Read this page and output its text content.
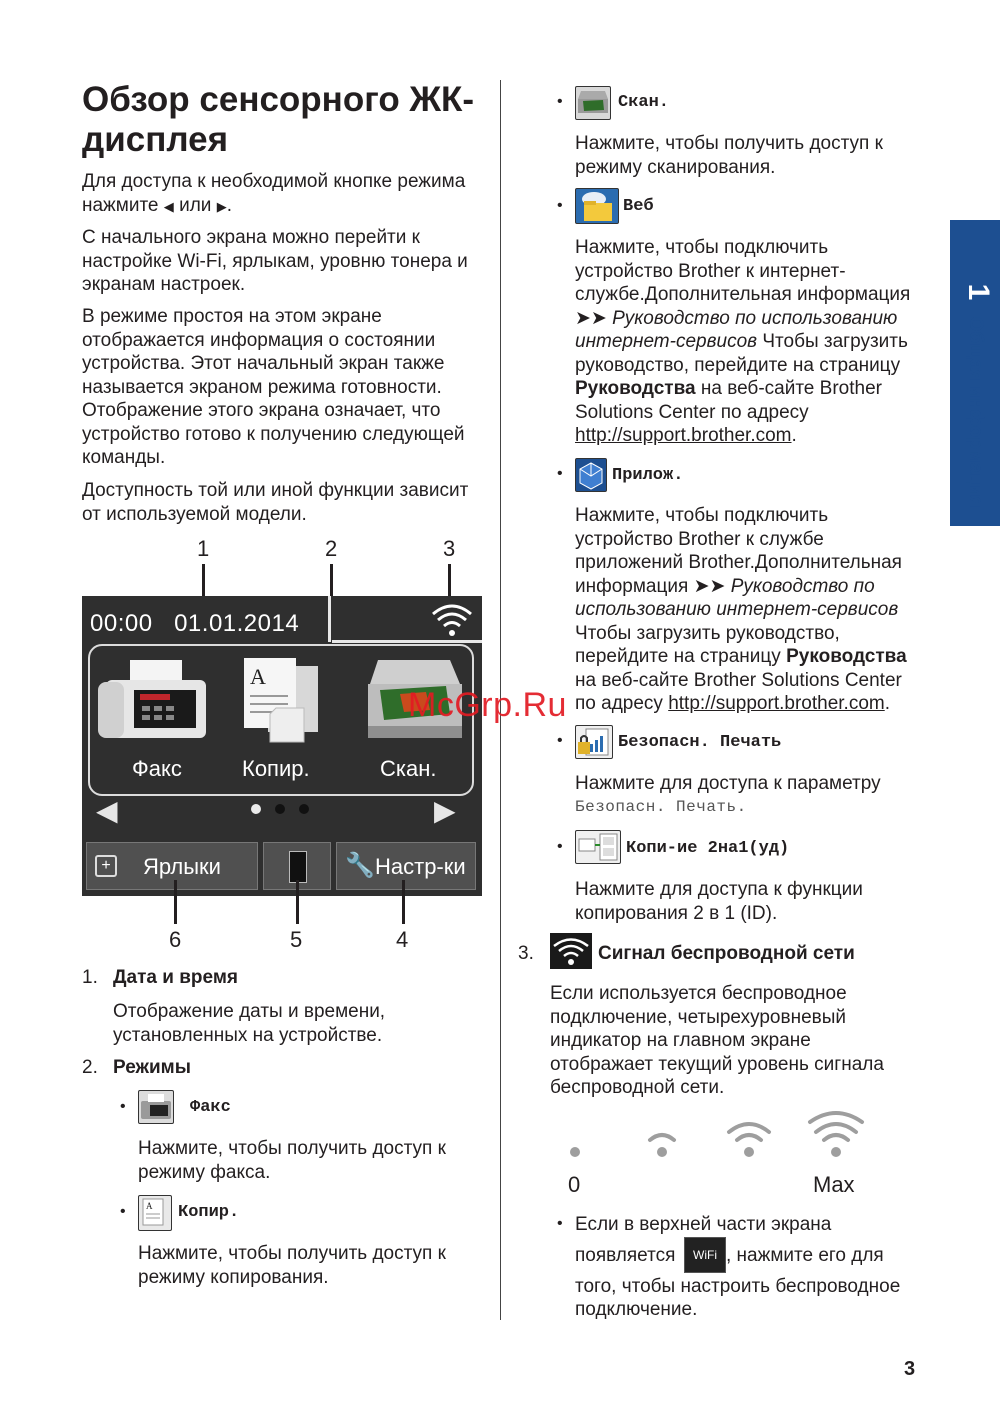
Обзор сенсорного ЖК-
дисплея
Для доступа к необходимой кнопке режима
нажмите ◀ или ▶.

С начального экрана можно перейти к настройке Wi-Fi, ярлыкам, уровню тонера и экранам настроек.

В режиме простоя на этом экране отображается информация о состоянии устройства. Этот начальный экран также называется экраном режима готовности. Отображение этого экрана означает, что устройство готово к получению следующей команды.

Доступность той или иной функции зависит от используемой модели.

1	2	3
00:00 01.01.2014
Факс
A
Копир.	Скан.
◀	▶
+ Ярлыки	🔧 Настр-ки
6	5	4
1. Дата и время

Отображение даты и времени, установленных на устройстве.

2. Режимы
•	Факс

Нажмите, чтобы получить доступ к режиму факса.

• A Копир.

Нажмите, чтобы получить доступ к режиму копирования.

•	Скан.

Нажмите, чтобы получить доступ к режиму сканирования.

•	Веб
Нажмите, чтобы подключить устройство Brother к интернет-службе.Дополнительная информация ➤➤ Руководство по использованию интернет-сервисов Чтобы загрузить руководство, перейдите на страницу Руководства на веб-сайте Brother Solutions Center по адресу http://support.brother.com.
•	Прилож.
Нажмите, чтобы подключить устройство Brother к службе приложений Brother.Дополнительная информация ➤➤ Руководство по использованию интернет-сервисов Чтобы загрузить руководство, перейдите на страницу Руководства на веб-сайте Brother Solutions Center по адресу http://support.brother.com.
McGrp.Ru
•	Безопасн. Печать

Нажмите для доступа к параметру

Безопасн. Печать.

•	Копи-ие 2на1(уд)

Нажмите для доступа к функции копирования 2 в 1 (ID).

3.	Сигнал беспроводной сети

Если используется беспроводное подключение, четырехуровневый индикатор на главном экране отображает текущий уровень сигнала беспроводной сети.

0	Max
• Если в верхней части экрана

появляется	WiFi , нажмите его для

того, чтобы настроить беспроводное

подключение.

1
Общая информация
3
